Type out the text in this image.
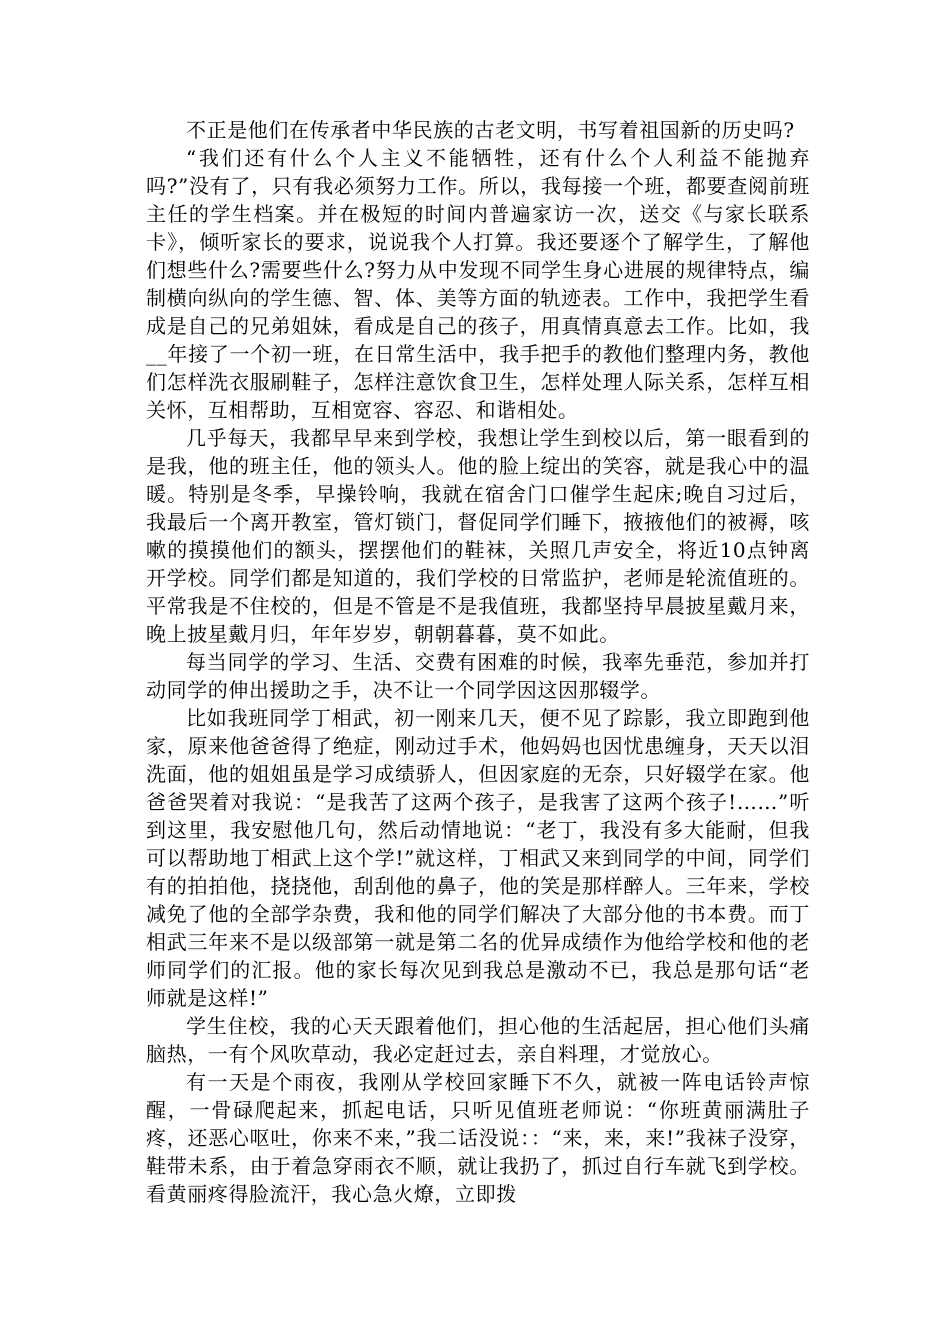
不正是他们在传承者中华民族的古老文明，书写着祖国新的历史吗?

“我们还有什么个人主义不能牺牲，还有什么个人利益不能抛弃吗?”没有了，只有我必须努力工作。所以，我每接一个班，都要查阅前班主任的学生档案。并在极短的时间内普遍家访一次，送交《与家长联系卡》，倾听家长的要求，说说我个人打算。我还要逐个了解学生，了解他们想些什么?需要些什么?努力从中发现不同学生身心进展的规律特点，编制横向纵向的学生德、智、体、美等方面的轨迹表。工作中，我把学生看成是自己的兄弟姐妹，看成是自己的孩子，用真情真意去工作。比如，我__年接了一个初一班，在日常生活中，我手把手的教他们整理内务，教他们怎样洗衣服刷鞋子，怎样注意饮食卫生，怎样处理人际关系，怎样互相关怀，互相帮助，互相宽容、容忍、和谐相处。

几乎每天，我都早早来到学校，我想让学生到校以后，第一眼看到的是我，他的班主任，他的领头人。他的脸上绽出的笑容，就是我心中的温暖。特别是冬季，早操铃响，我就在宿舍门口催学生起床;晚自习过后，我最后一个离开教室，管灯锁门，督促同学们睡下，掖掖他们的被褥，咳嗽的摸摸他们的额头，摆摆他们的鞋袜，关照几声安全，将近10点钟离开学校。同学们都是知道的，我们学校的日常监护，老师是轮流值班的。平常我是不住校的，但是不管是不是我值班，我都坚持早晨披星戴月来，晚上披星戴月归，年年岁岁，朝朝暮暮，莫不如此。

每当同学的学习、生活、交费有困难的时候，我率先垂范，参加并打动同学的伸出援助之手，决不让一个同学因这因那辍学。

比如我班同学丁相武，初一刚来几天，便不见了踪影，我立即跑到他家，原来他爸爸得了绝症，刚动过手术，他妈妈也因忧患缠身，天天以泪洗面，他的姐姐虽是学习成绩骄人，但因家庭的无奈，只好辍学在家。他爸爸哭着对我说：“是我苦了这两个孩子，是我害了这两个孩子!……”听到这里，我安慰他几句，然后动情地说：“老丁，我没有多大能耐，但我可以帮助地丁相武上这个学!”就这样，丁相武又来到同学的中间，同学们有的拍拍他，挠挠他，刮刮他的鼻子，他的笑是那样醉人。三年来，学校减免了他的全部学杂费，我和他的同学们解决了大部分他的书本费。而丁相武三年来不是以级部第一就是第二名的优异成绩作为他给学校和他的老师同学们的汇报。他的家长每次见到我总是激动不已，我总是那句话“老师就是这样!”

学生住校，我的心天天跟着他们，担心他的生活起居，担心他们头痛脑热，一有个风吹草动，我必定赶过去，亲自料理，才觉放心。

有一天是个雨夜，我刚从学校回家睡下不久，就被一阵电话铃声惊醒，一骨碌爬起来，抓起电话，只听见值班老师说：“你班黄丽满肚子疼，还恶心呕吐，你来不来，”我二话没说：：“来，来，来!”我袜子没穿，鞋带未系，由于着急穿雨衣不顺，就让我扔了，抓过自行车就飞到学校。看黄丽疼得脸流汗，我心急火燎，立即拨
